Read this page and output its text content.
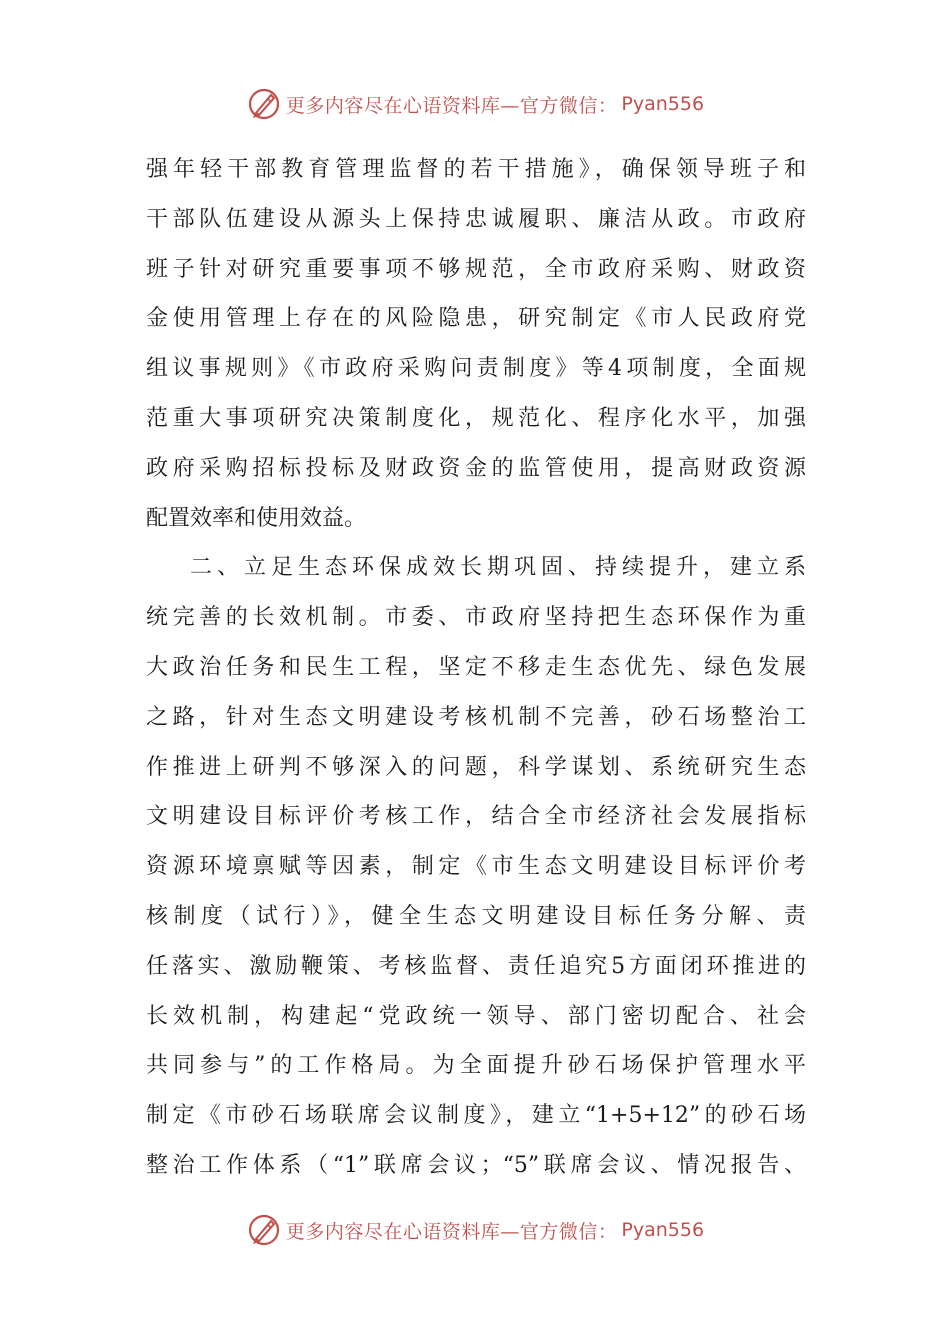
更多内容尽在心语资料库—官方微信： Pyan556
强年轻干部教育管理监督的若干措施》，确保领导班子和
干部队伍建设从源头上保持忠诚履职、廉洁从政。市政府
班子针对研究重要事项不够规范，全市政府采购、财政资
金使用管理上存在的风险隐患，研究制定《市人民政府党
组议事规则》《市政府采购问责制度》等4项制度，全面规
范重大事项研究决策制度化，规范化、程序化水平，加强
政府采购招标投标及财政资金的监管使用，提高财政资源
配置效率和使用效益。
二、立足生态环保成效长期巩固、持续提升，建立系
统完善的长效机制。市委、市政府坚持把生态环保作为重
大政治任务和民生工程，坚定不移走生态优先、绿色发展
之路，针对生态文明建设考核机制不完善，砂石场整治工
作推进上研判不够深入的问题，科学谋划、系统研究生态
文明建设目标评价考核工作，结合全市经济社会发展指标
资源环境禀赋等因素，制定《市生态文明建设目标评价考
核制度（试行）》，健全生态文明建设目标任务分解、责
任落实、激励鞭策、考核监督、责任追究5方面闭环推进的
长效机制，构建起“党政统一领导、部门密切配合、社会
共同参与”的工作格局。为全面提升砂石场保护管理水平
制定《市砂石场联席会议制度》，建立“1+5+12”的砂石场
整治工作体系（“1”联席会议；“5”联席会议、情况报告、
更多内容尽在心语资料库—官方微信： Pyan556
